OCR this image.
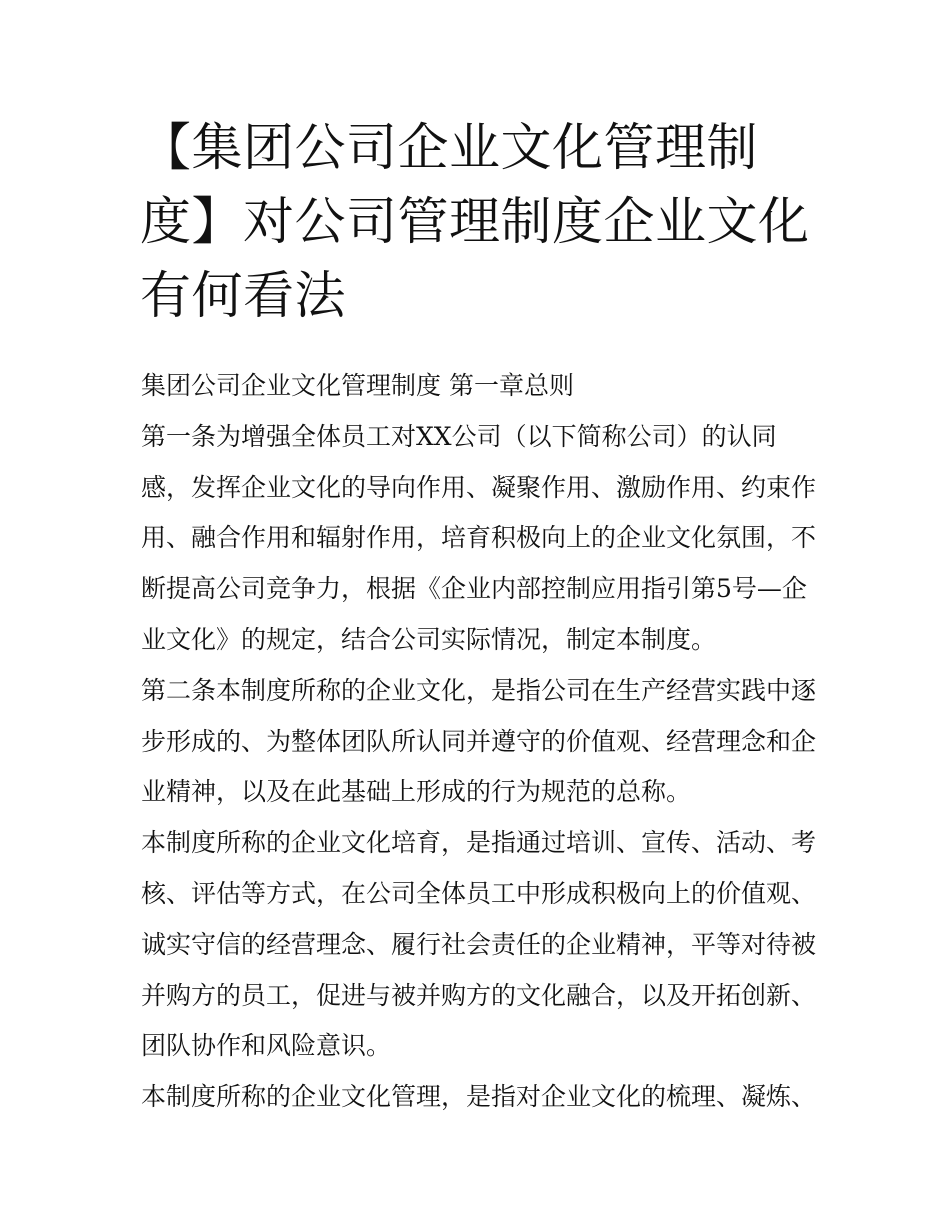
【集团公司企业文化管理制
度】对公司管理制度企业文化
有何看法
集团公司企业文化管理制度 第一章总则
第一条为增强全体员工对XX公司（以下简称公司）的认同
感，发挥企业文化的导向作用、凝聚作用、激励作用、约束作
用、融合作用和辐射作用，培育积极向上的企业文化氛围，不
断提高公司竞争力，根据《企业内部控制应用指引第5号—企
业文化》的规定，结合公司实际情况，制定本制度。
第二条本制度所称的企业文化，是指公司在生产经营实践中逐
步形成的、为整体团队所认同并遵守的价值观、经营理念和企
业精神，以及在此基础上形成的行为规范的总称。
本制度所称的企业文化培育，是指通过培训、宣传、活动、考
核、评估等方式，在公司全体员工中形成积极向上的价值观、
诚实守信的经营理念、履行社会责任的企业精神，平等对待被
并购方的员工，促进与被并购方的文化融合，以及开拓创新、
团队协作和风险意识。
本制度所称的企业文化管理，是指对企业文化的梳理、凝炼、
